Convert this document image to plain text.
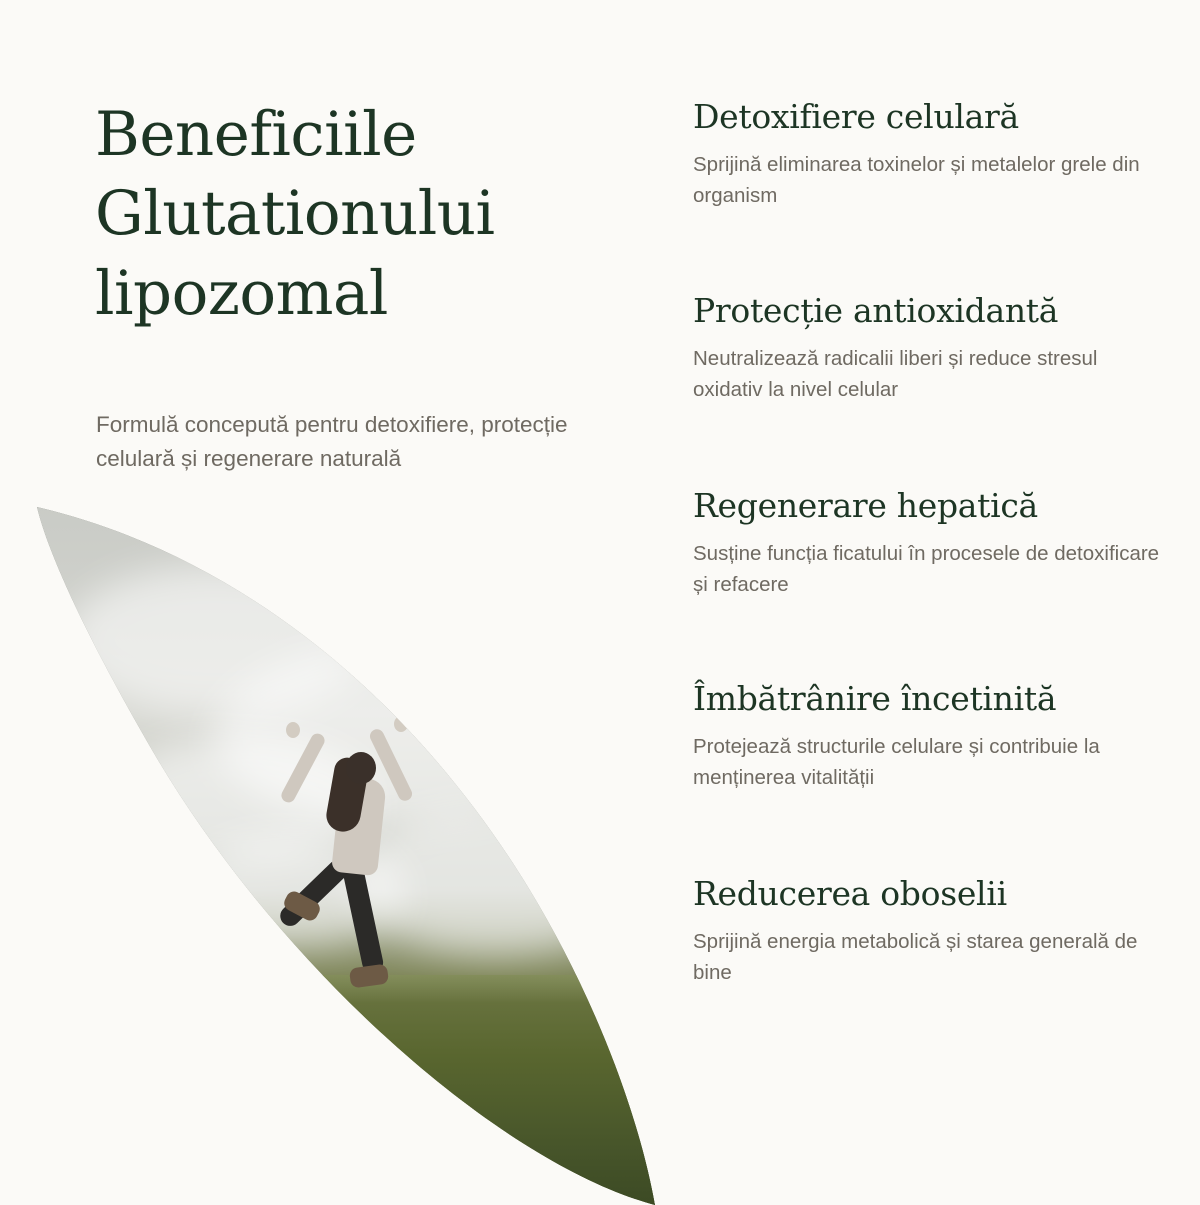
Beneficiile Glutationului lipozomal

Formulă concepută pentru detoxifiere, protecție celulară și regenerare naturală

Detoxifiere celulară

Sprijină eliminarea toxinelor și metalelor grele din organism

Protecție antioxidantă

Neutralizează radicalii liberi și reduce stresul oxidativ la nivel celular

Regenerare hepatică

Susține funcția ficatului în procesele de detoxificare și refacere

Îmbătrânire încetinită

Protejează structurile celulare și contribuie la menținerea vitalității

Reducerea oboselii

Sprijină energia metabolică și starea generală de bine
